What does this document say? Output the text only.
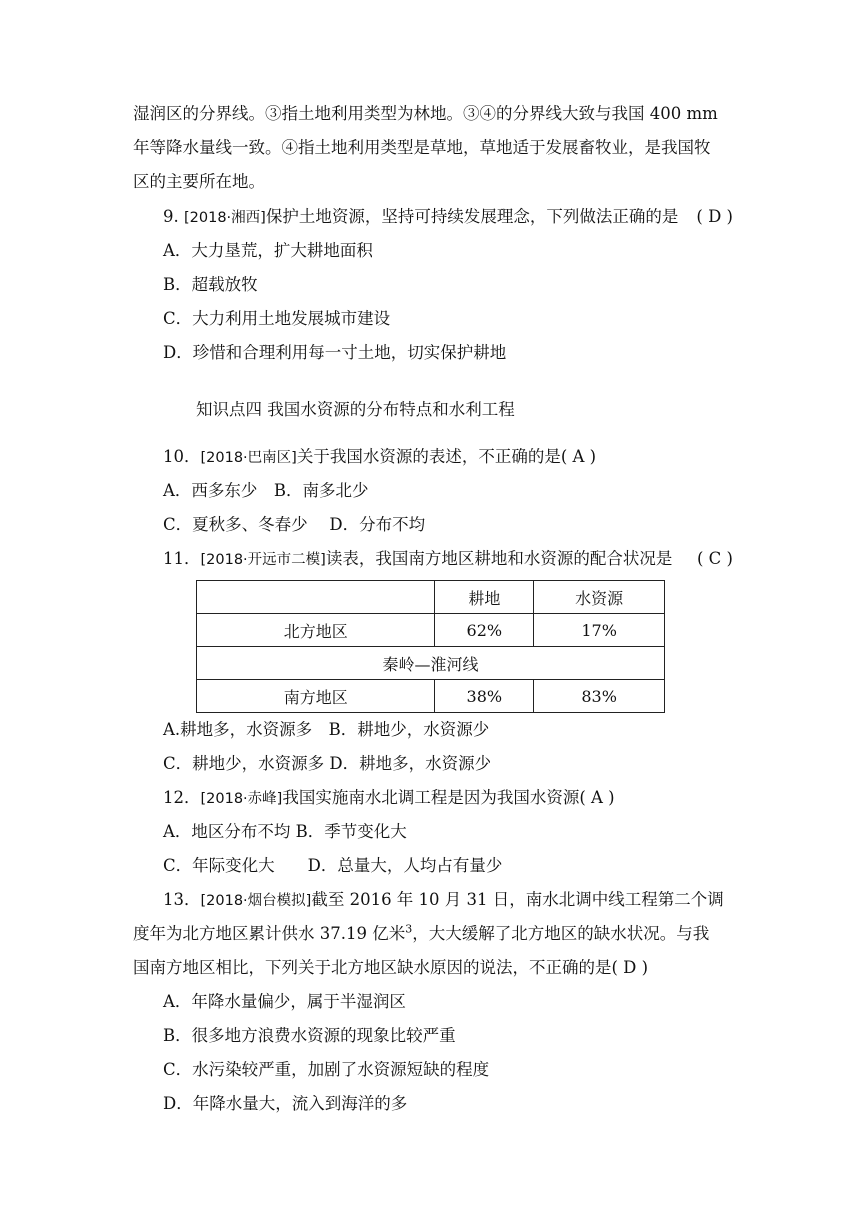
湿润区的分界线。③指土地利用类型为林地。③④的分界线大致与我国 400 mm
年等降水量线一致。④指土地利用类型是草地，草地适于发展畜牧业，是我国牧
区的主要所在地。
9. [2018·湘西]保护土地资源，坚持可持续发展理念，下列做法正确的是 ( D )
A．大力垦荒，扩大耕地面积
B．超载放牧
C．大力利用土地发展城市建设
D．珍惜和合理利用每一寸土地，切实保护耕地
知识点四 我国水资源的分布特点和水利工程
10．[2018·巴南区]关于我国水资源的表述，不正确的是( A )
A．西多东少　B．南多北少
C．夏秋多、冬春少　 D．分布不均
11．[2018·开远市二模]读表，我国南方地区耕地和水资源的配合状况是 ( C )
	耕地	水资源
北方地区	62%	17%
秦岭—淮河线		
南方地区	38%	83%
A.耕地多，水资源多　B．耕地少，水资源少
C．耕地少，水资源多 D．耕地多，水资源少
12．[2018·赤峰]我国实施南水北调工程是因为我国水资源( A )
A．地区分布不均 B．季节变化大
C．年际变化大　　D．总量大，人均占有量少
13．[2018·烟台模拟]截至 2016 年 10 月 31 日，南水北调中线工程第二个调
度年为北方地区累计供水 37.19 亿米$^3$，大大缓解了北方地区的缺水状况。与我
国南方地区相比，下列关于北方地区缺水原因的说法，不正确的是( D )
A．年降水量偏少，属于半湿润区
B．很多地方浪费水资源的现象比较严重
C．水污染较严重，加剧了水资源短缺的程度
D．年降水量大，流入到海洋的多
